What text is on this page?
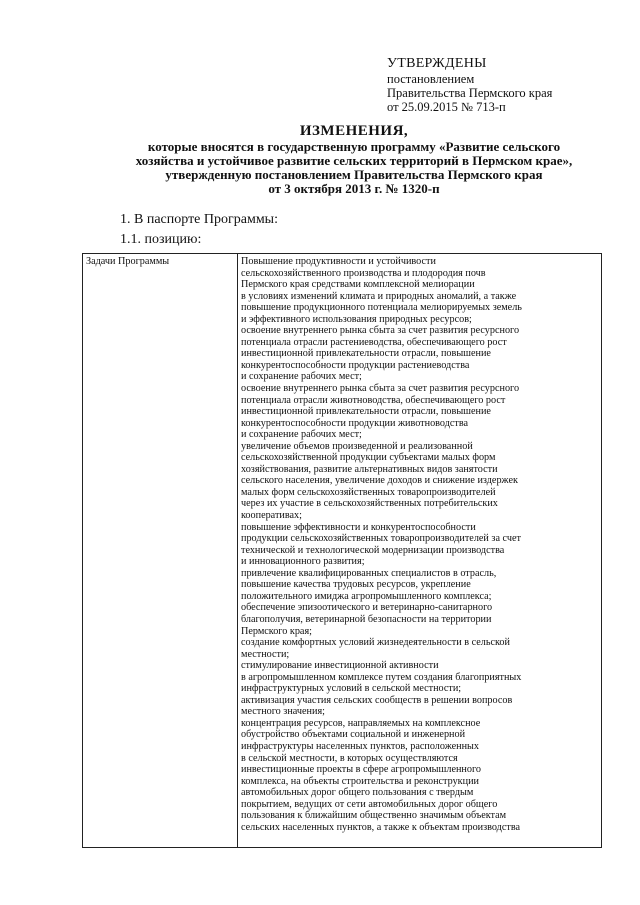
УТВЕРЖДЕНЫ
постановлением
Правительства Пермского края
от 25.09.2015 № 713-п
ИЗМЕНЕНИЯ,
которые вносятся в государственную программу «Развитие сельского
хозяйства и устойчивое развитие сельских территорий в Пермском крае»,
утвержденную постановлением Правительства Пермского края
от 3 октября 2013 г. № 1320-п
1. В паспорте Программы:
1.1. позицию:
Задачи Программы	Повышение продуктивности и устойчивости
сельскохозяйственного производства и плодородия почв
Пермского края средствами комплексной мелиорации
в условиях изменений климата и природных аномалий, а также
повышение продукционного потенциала мелиорируемых земель
и эффективного использования природных ресурсов;
освоение внутреннего рынка сбыта за счет развития ресурсного
потенциала отрасли растениеводства, обеспечивающего рост
инвестиционной привлекательности отрасли, повышение
конкурентоспособности продукции растениеводства
и сохранение рабочих мест;
освоение внутреннего рынка сбыта за счет развития ресурсного
потенциала отрасли животноводства, обеспечивающего рост
инвестиционной привлекательности отрасли, повышение
конкурентоспособности продукции животноводства
и сохранение рабочих мест;
увеличение объемов произведенной и реализованной
сельскохозяйственной продукции субъектами малых форм
хозяйствования, развитие альтернативных видов занятости
сельского населения, увеличение доходов и снижение издержек
малых форм сельскохозяйственных товаропроизводителей
через их участие в сельскохозяйственных потребительских
кооперативах;
повышение эффективности и конкурентоспособности
продукции сельскохозяйственных товаропроизводителей за счет
технической и технологической модернизации производства
и инновационного развития;
привлечение квалифицированных специалистов в отрасль,
повышение качества трудовых ресурсов, укрепление
положительного имиджа агропромышленного комплекса;
обеспечение эпизоотического и ветеринарно-санитарного
благополучия, ветеринарной безопасности на территории
Пермского края;
создание комфортных условий жизнедеятельности в сельской
местности;
стимулирование инвестиционной активности
в агропромышленном комплексе путем создания благоприятных
инфраструктурных условий в сельской местности;
активизация участия сельских сообществ в решении вопросов
местного значения;
концентрация ресурсов, направляемых на комплексное
обустройство объектами социальной и инженерной
инфраструктуры населенных пунктов, расположенных
в сельской местности, в которых осуществляются
инвестиционные проекты в сфере агропромышленного
комплекса, на объекты строительства и реконструкции
автомобильных дорог общего пользования с твердым
покрытием, ведущих от сети автомобильных дорог общего
пользования к ближайшим общественно значимым объектам
сельских населенных пунктов, а также к объектам производства
